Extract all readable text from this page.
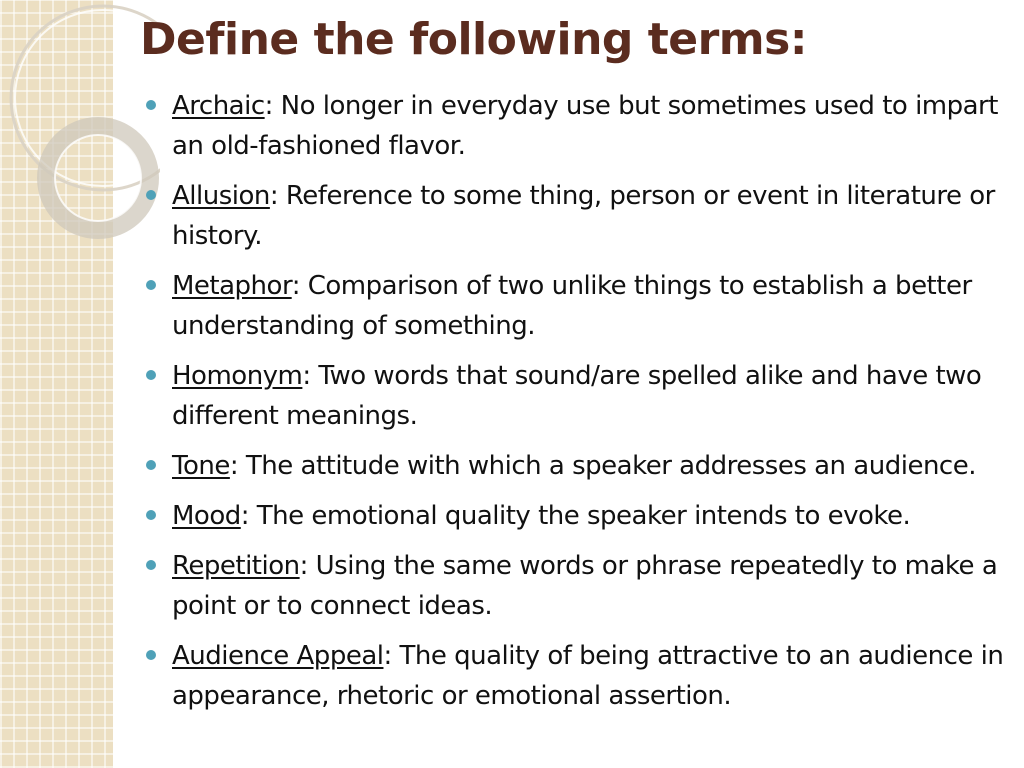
Define the following terms:
Archaic: No longer in everyday use but sometimes used to impart an old-fashioned flavor.
Allusion: Reference to some thing, person or event in literature or history.
Metaphor: Comparison of two unlike things to establish a better understanding of something.
Homonym: Two words that sound/are spelled alike and have two different meanings.
Tone: The attitude with which a speaker addresses an audience.
Mood: The emotional quality the speaker intends to evoke.
Repetition: Using the same words or phrase repeatedly to make a point or to connect ideas.
Audience Appeal: The quality of being attractive to an audience in appearance, rhetoric or emotional assertion.
